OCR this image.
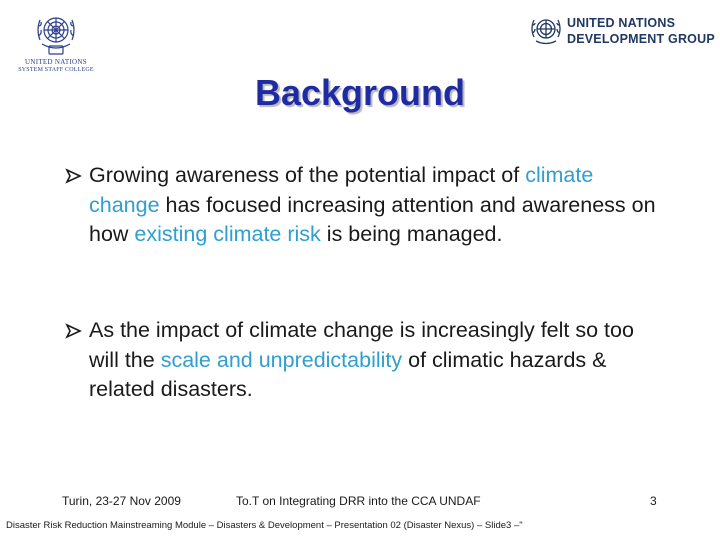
UNITED NATIONS
SYSTEM STAFF COLLEGE
UNITED NATIONS
DEVELOPMENT GROUP
Background
Growing awareness of the potential impact of climate change has focused increasing attention and awareness on how existing climate risk is being managed.
As the impact of climate change is increasingly felt so too will the scale and unpredictability of climatic hazards & related disasters.
Turin, 23-27 Nov 2009	To.T on Integrating DRR into the CCA UNDAF	3
Disaster Risk Reduction Mainstreaming Module – Disasters & Development – Presentation 02 (Disaster Nexus) – Slide3 –"
